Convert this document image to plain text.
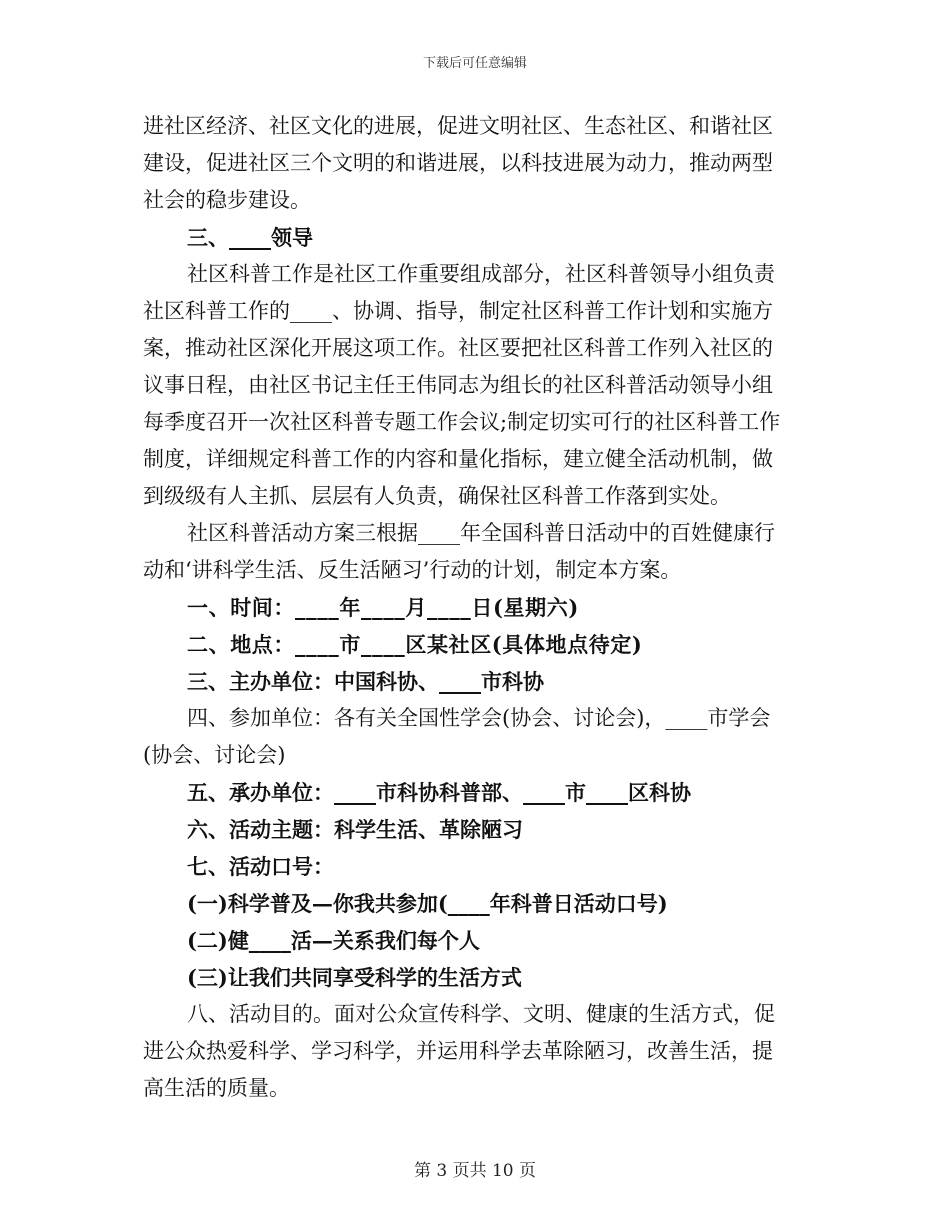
下载后可任意编辑
进社区经济、社区文化的进展，促进文明社区、生态社区、和谐社区
建设，促进社区三个文明的和谐进展，以科技进展为动力，推动两型
社会的稳步建设。
三、____领导
社区科普工作是社区工作重要组成部分，社区科普领导小组负责
社区科普工作的____、协调、指导，制定社区科普工作计划和实施方
案，推动社区深化开展这项工作。社区要把社区科普工作列入社区的
议事日程，由社区书记主任王伟同志为组长的社区科普活动领导小组
每季度召开一次社区科普专题工作会议;制定切实可行的社区科普工作
制度，详细规定科普工作的内容和量化指标，建立健全活动机制，做
到级级有人主抓、层层有人负责，确保社区科普工作落到实处。
社区科普活动方案三根据____年全国科普日活动中的百姓健康行
动和‘讲科学生活、反生活陋习’行动的计划，制定本方案。
一、时间：____年____月____日(星期六)
二、地点：____市____区某社区(具体地点待定)
三、主办单位：中国科协、____市科协
四、参加单位：各有关全国性学会(协会、讨论会)，____市学会
(协会、讨论会)
五、承办单位：____市科协科普部、____市____区科协
六、活动主题：科学生活、革除陋习
七、活动口号：
(一)科学普及—你我共参加(____年科普日活动口号)
(二)健____活—关系我们每个人
(三)让我们共同享受科学的生活方式
八、活动目的。面对公众宣传科学、文明、健康的生活方式，促
进公众热爱科学、学习科学，并运用科学去革除陋习，改善生活，提
高生活的质量。
第 3 页共 10 页
